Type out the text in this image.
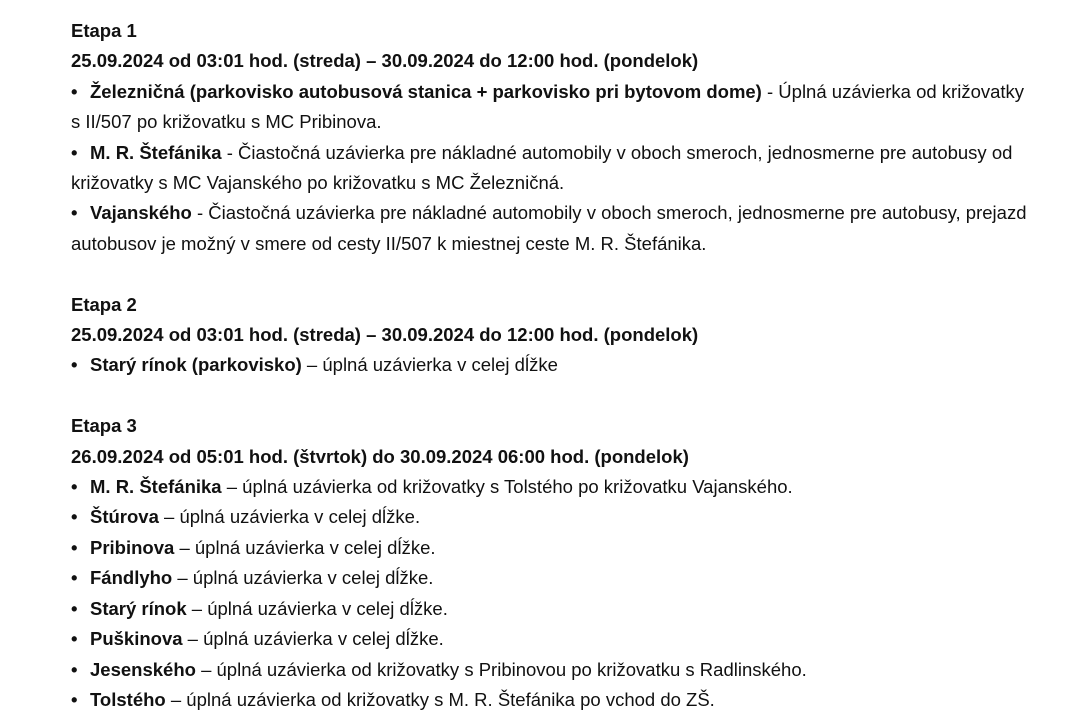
Etapa 1

25.09.2024 od 03:01 hod. (streda) – 30.09.2024 do 12:00 hod. (pondelok)

• Železničná (parkovisko autobusová stanica + parkovisko pri bytovom dome) - Úplná uzávierka od križovatky s II/507 po križovatku s MC Pribinova.

• M. R. Štefánika - Čiastočná uzávierka pre nákladné automobily v oboch smeroch, jednosmerne pre autobusy od križovatky s MC Vajanského po križovatku s MC Železničná.

• Vajanského - Čiastočná uzávierka pre nákladné automobily v oboch smeroch, jednosmerne pre autobusy, prejazd autobusov je možný v smere od cesty II/507 k miestnej ceste M. R. Štefánika.

Etapa 2

25.09.2024 od 03:01 hod. (streda) – 30.09.2024 do 12:00 hod. (pondelok)

• Starý rínok (parkovisko) – úplná uzávierka v celej dĺžke

Etapa 3

26.09.2024 od 05:01 hod. (štvrtok) do 30.09.2024 06:00 hod. (pondelok)

• M. R. Štefánika – úplná uzávierka od križovatky s Tolstého po križovatku Vajanského.

• Štúrova – úplná uzávierka v celej dĺžke.

• Pribinova – úplná uzávierka v celej dĺžke.

• Fándlyho – úplná uzávierka v celej dĺžke.

• Starý rínok – úplná uzávierka v celej dĺžke.

• Puškinova – úplná uzávierka v celej dĺžke.

• Jesenského – úplná uzávierka od križovatky s Pribinovou po križovatku s Radlinského.

• Tolstého – úplná uzávierka od križovatky s M. R. Štefánika po vchod do ZŠ.
